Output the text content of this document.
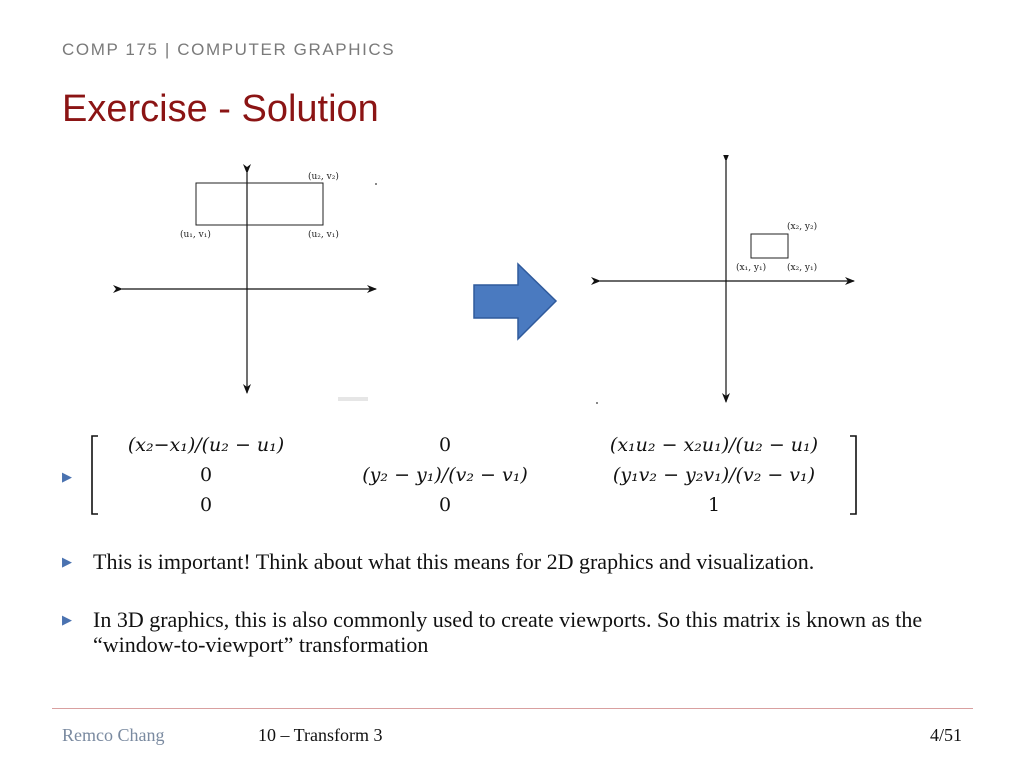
COMP 175 | COMPUTER GRAPHICS
Exercise - Solution
(u₂, v₂)
(u₁, v₁)	(u₂, v₁)
(x₂, y₂)
(x₁, y₁) (x₂, y₁)
▶
(x₂−x₁)/(u₂ − u₁)	0	(x₁u₂ − x₂u₁)/(u₂ − u₁)
0	(y₂ − y₁)/(v₂ − v₁)	(y₁v₂ − y₂v₁)/(v₂ − v₁)
0	0	1
▶ This is important! Think about what this means for 2D graphics and visualization.
▶ In 3D graphics, this is also commonly used to create viewports. So this matrix is known as the “window-to-viewport” transformation
Remco Chang	10 – Transform 3	4/51
